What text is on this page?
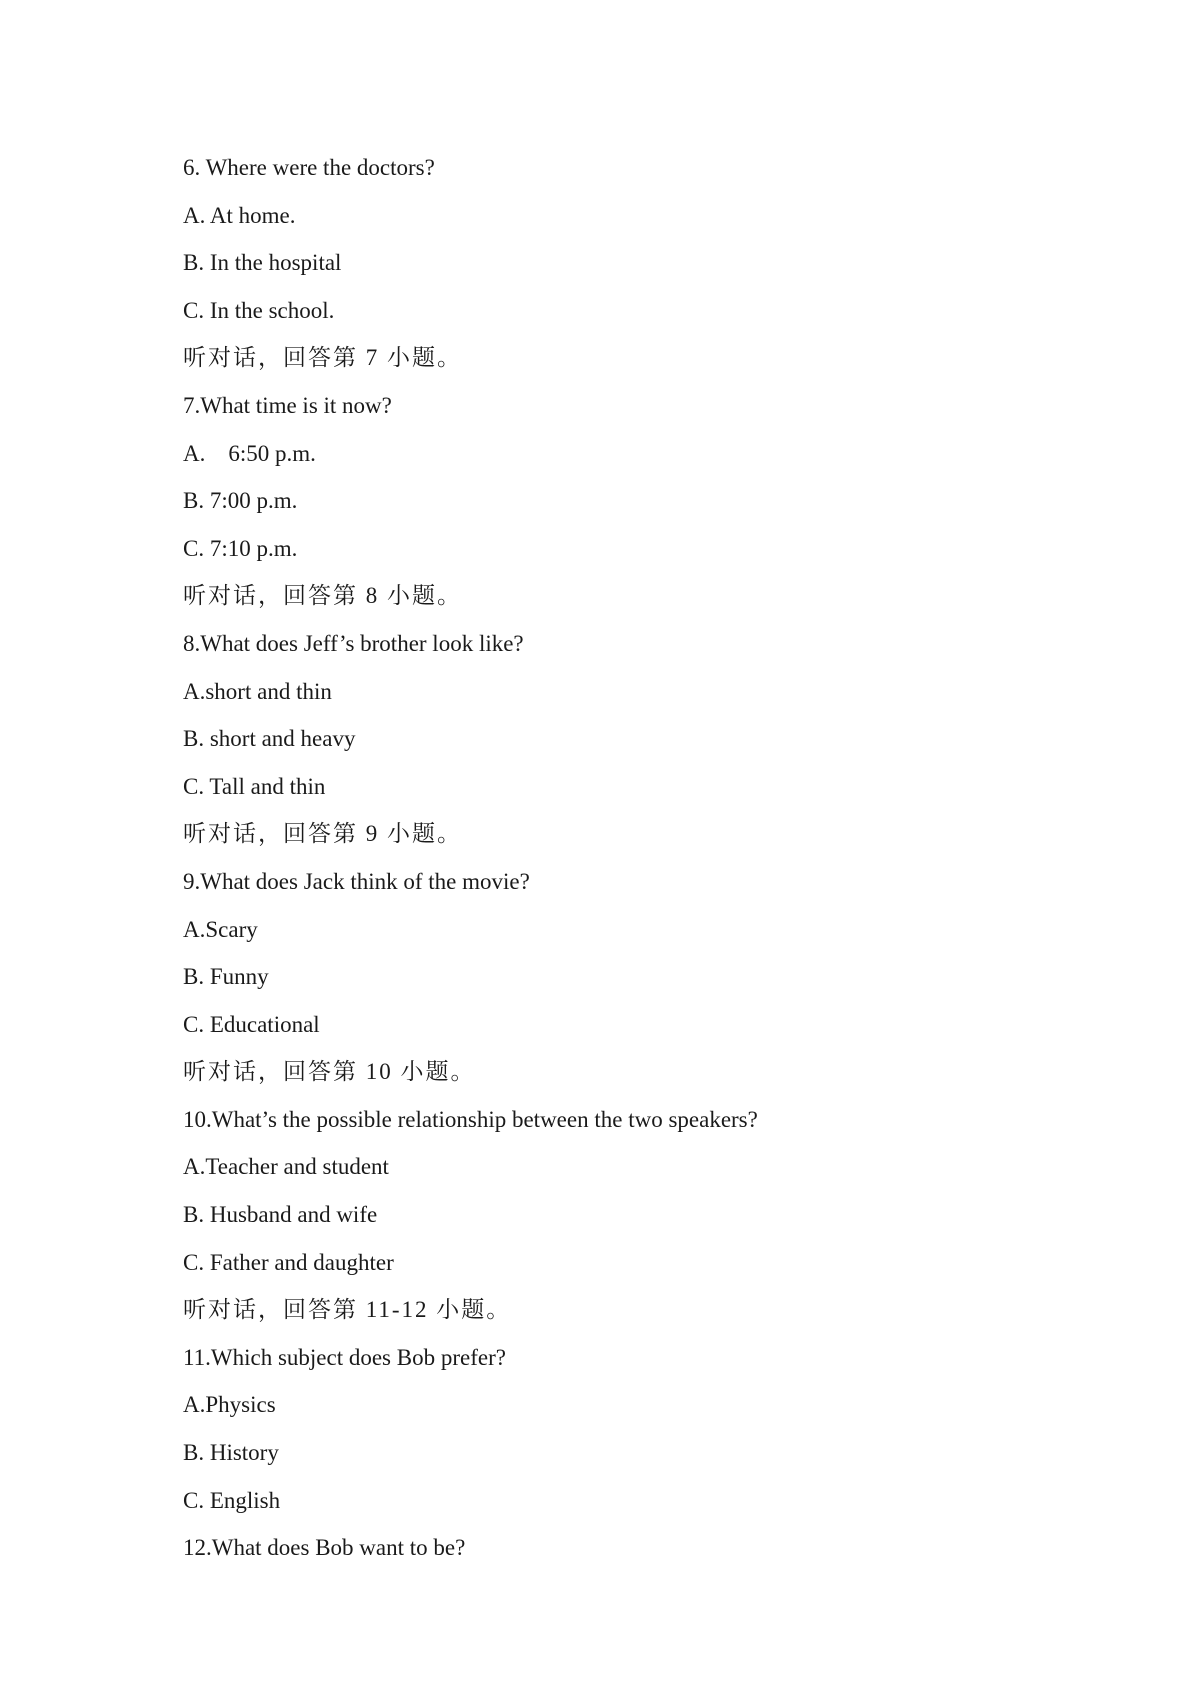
6. Where were the doctors?
A. At home.
B. In the hospital
C. In the school.
听对话，回答第 7 小题。
7.What time is it now?
A.    6:50 p.m.
B. 7:00 p.m.
C. 7:10 p.m.
听对话，回答第 8 小题。
8.What does Jeff’s brother look like?
A.short and thin
B. short and heavy
C. Tall and thin
听对话，回答第 9 小题。
9.What does Jack think of the movie?
A.Scary
B. Funny
C. Educational
听对话，回答第 10 小题。
10.What’s the possible relationship between the two speakers?
A.Teacher and student
B. Husband and wife
C. Father and daughter
听对话，回答第 11-12 小题。
11.Which subject does Bob prefer?
A.Physics
B. History
C. English
12.What does Bob want to be?
